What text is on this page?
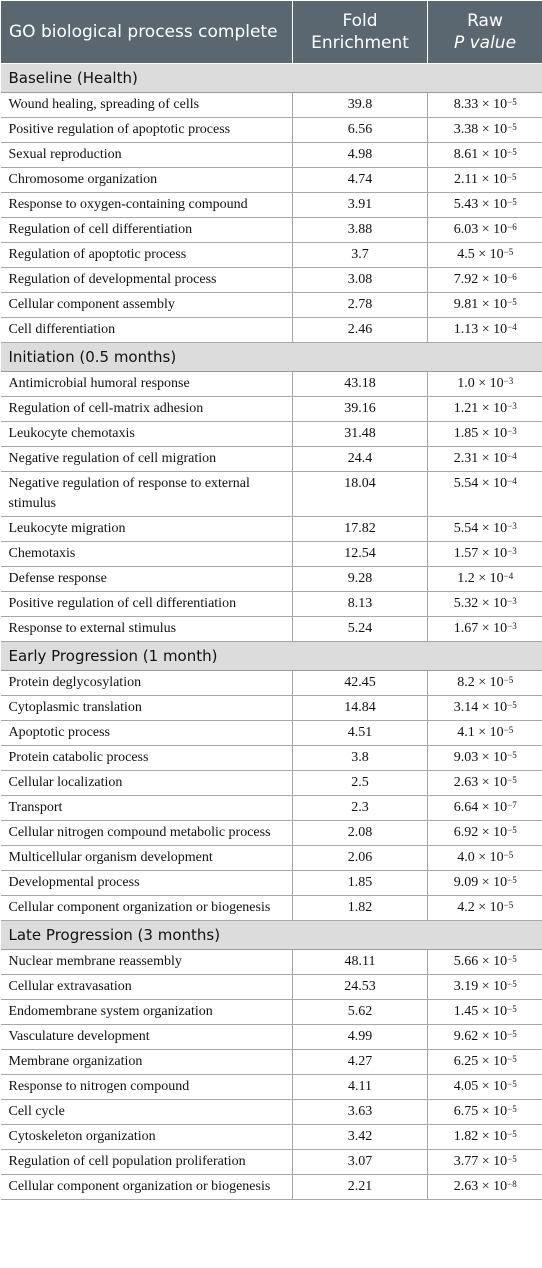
GO biological process complete	Fold Enrichment	Raw
P value
Baseline (Health)		
Wound healing, spreading of cells	39.8	$8.33 \times 10^{-5}$
Positive regulation of apoptotic process	6.56	$3.38 \times 10^{-5}$
Sexual reproduction	4.98	$8.61 \times 10^{-5}$
Chromosome organization	4.74	$2.11 \times 10^{-5}$
Response to oxygen-containing compound	3.91	$5.43 \times 10^{-5}$
Regulation of cell differentiation	3.88	$6.03 \times 10^{-6}$
Regulation of apoptotic process	3.7	$4.5 \times 10^{-5}$
Regulation of developmental process	3.08	$7.92 \times 10^{-6}$
Cellular component assembly	2.78	$9.81 \times 10^{-5}$
Cell differentiation	2.46	$1.13 \times 10^{-4}$
Initiation (0.5 months)		
Antimicrobial humoral response	43.18	$1.0 \times 10^{-3}$
Regulation of cell-matrix adhesion	39.16	$1.21 \times 10^{-3}$
Leukocyte chemotaxis	31.48	$1.85 \times 10^{-3}$
Negative regulation of cell migration	24.4	$2.31 \times 10^{-4}$
Negative regulation of response to external stimulus	18.04	$5.54 \times 10^{-4}$
Leukocyte migration	17.82	$5.54 \times 10^{-3}$
Chemotaxis	12.54	$1.57 \times 10^{-3}$
Defense response	9.28	$1.2 \times 10^{-4}$
Positive regulation of cell differentiation	8.13	$5.32 \times 10^{-3}$
Response to external stimulus	5.24	$1.67 \times 10^{-3}$
Early Progression (1 month)		
Protein deglycosylation	42.45	$8.2 \times 10^{-5}$
Cytoplasmic translation	14.84	$3.14 \times 10^{-5}$
Apoptotic process	4.51	$4.1 \times 10^{-5}$
Protein catabolic process	3.8	$9.03 \times 10^{-5}$
Cellular localization	2.5	$2.63 \times 10^{-5}$
Transport	2.3	$6.64 \times 10^{-7}$
Cellular nitrogen compound metabolic process	2.08	$6.92 \times 10^{-5}$
Multicellular organism development	2.06	$4.0 \times 10^{-5}$
Developmental process	1.85	$9.09 \times 10^{-5}$
Cellular component organization or biogenesis	1.82	$4.2 \times 10^{-5}$
Late Progression (3 months)		
Nuclear membrane reassembly	48.11	$5.66 \times 10^{-5}$
Cellular extravasation	24.53	$3.19 \times 10^{-5}$
Endomembrane system organization	5.62	$1.45 \times 10^{-5}$
Vasculature development	4.99	$9.62 \times 10^{-5}$
Membrane organization	4.27	$6.25 \times 10^{-5}$
Response to nitrogen compound	4.11	$4.05 \times 10^{-5}$
Cell cycle	3.63	$6.75 \times 10^{-5}$
Cytoskeleton organization	3.42	$1.82 \times 10^{-5}$
Regulation of cell population proliferation	3.07	$3.77 \times 10^{-5}$
Cellular component organization or biogenesis	2.21	$2.63 \times 10^{-8}$
